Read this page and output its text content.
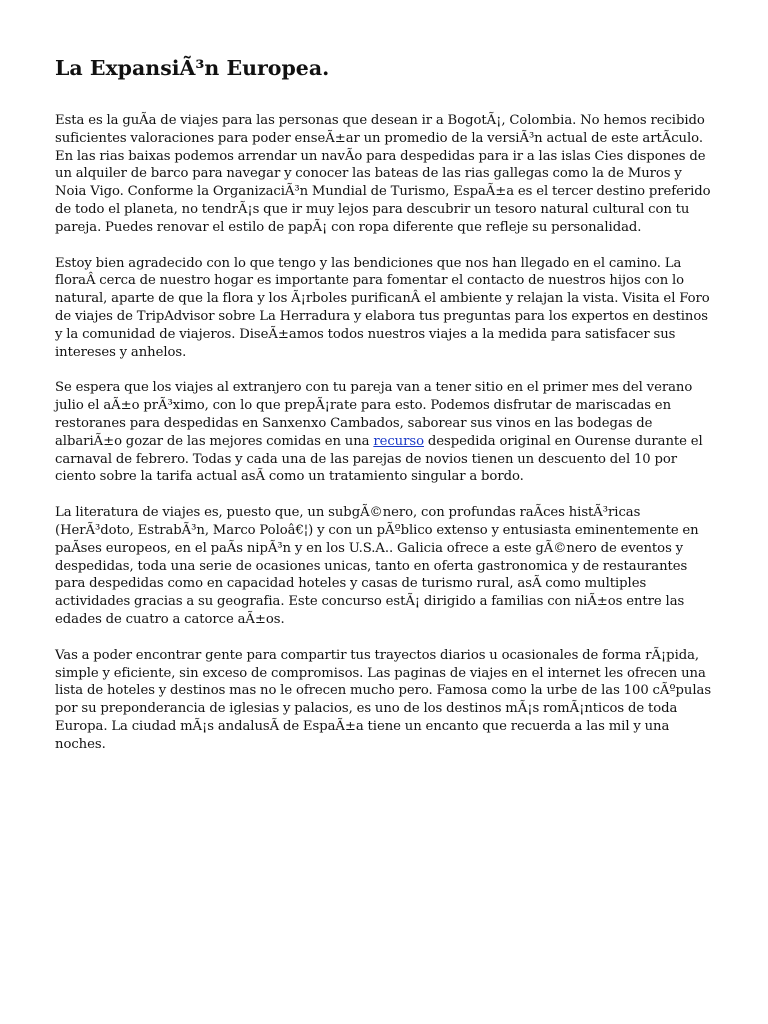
La ExpansiÃ³n Europea.

Esta es la guÃa de viajes para las personas que desean ir a BogotÃ¡, Colombia. No hemos recibido suficientes valoraciones para poder enseÃ±ar un promedio de la versiÃ³n actual de este artÃculo. En las rias baixas podemos arrendar un navÃo para despedidas para ir a las islas Cies dispones de un alquiler de barco para navegar y conocer las bateas de las rias gallegas como la de Muros y Noia Vigo. Conforme la OrganizaciÃ³n Mundial de Turismo, EspaÃ±a es el tercer destino preferido de todo el planeta, no tendrÃ¡s que ir muy lejos para descubrir un tesoro natural cultural con tu pareja. Puedes renovar el estilo de papÃ¡ con ropa diferente que refleje su personalidad.

Estoy bien agradecido con lo que tengo y las bendiciones que nos han llegado en el camino. La floraÂ cerca de nuestro hogar es importante para fomentar el contacto de nuestros hijos con lo natural, aparte de que la flora y los Ã¡rboles purificanÂ el ambiente y relajan la vista. Visita el Foro de viajes de TripAdvisor sobre La Herradura y elabora tus preguntas para los expertos en destinos y la comunidad de viajeros. DiseÃ±amos todos nuestros viajes a la medida para satisfacer sus intereses y anhelos.

Se espera que los viajes al extranjero con tu pareja van a tener sitio en el primer mes del verano julio el aÃ±o prÃ³ximo, con lo que prepÃ¡rate para esto. Podemos disfrutar de mariscadas en restoranes para despedidas en Sanxenxo Cambados, saborear sus vinos en las bodegas de albariÃ±o gozar de las mejores comidas en una recurso despedida original en Ourense durante el carnaval de febrero. Todas y cada una de las parejas de novios tienen un descuento del 10 por ciento sobre la tarifa actual asÃ como un tratamiento singular a bordo.

La literatura de viajes es, puesto que, un subgÃ©nero, con profundas raÃces histÃ³ricas (HerÃ³doto, EstrabÃ³n, Marco Poloâ€¦) y con un pÃºblico extenso y entusiasta eminentemente en paÃses europeos, en el paÃs nipÃ³n y en los U.S.A.. Galicia ofrece a este gÃ©nero de eventos y despedidas, toda una serie de ocasiones unicas, tanto en oferta gastronomica y de restaurantes para despedidas como en capacidad hoteles y casas de turismo rural, asÃ como multiples actividades gracias a su geografia. Este concurso estÃ¡ dirigido a familias con niÃ±os entre las edades de cuatro a catorce aÃ±os.

Vas a poder encontrar gente para compartir tus trayectos diarios u ocasionales de forma rÃ¡pida, simple y eficiente, sin exceso de compromisos. Las paginas de viajes en el internet les ofrecen una lista de hoteles y destinos mas no le ofrecen mucho pero. Famosa como la urbe de las 100 cÃºpulas por su preponderancia de iglesias y palacios, es uno de los destinos mÃ¡s romÃ¡nticos de toda Europa. La ciudad mÃ¡s andalusÃ de EspaÃ±a tiene un encanto que recuerda a las mil y una noches.
